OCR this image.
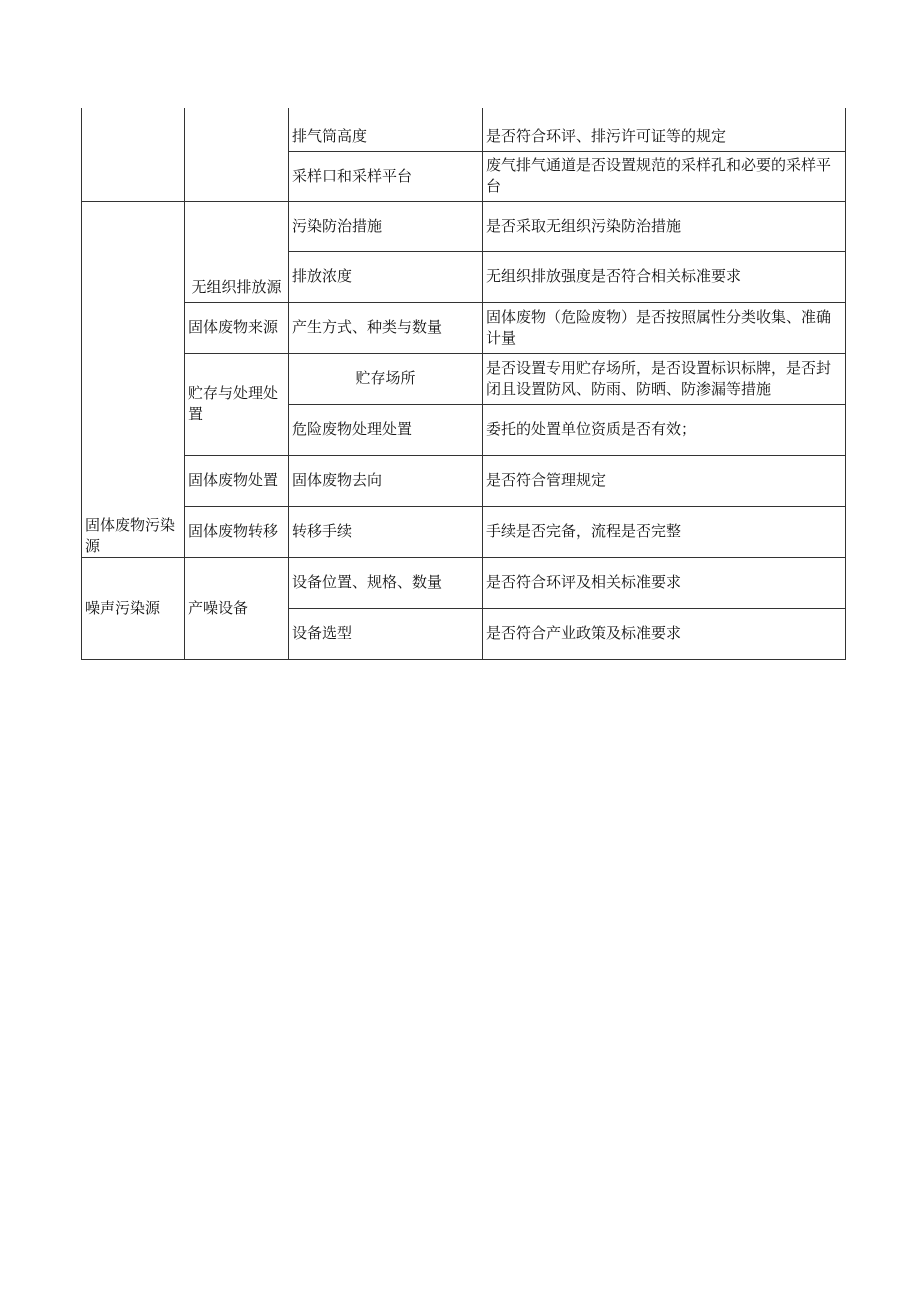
		排气筒高度	是否符合环评、排污许可证等的规定
		采样口和采样平台	废气排气通道是否设置规范的采样孔和必要的采样平台
固体废物污染源	无组织排放源	污染防治措施	是否采取无组织污染防治措施
		排放浓度	无组织排放强度是否符合相关标准要求
	固体废物来源	产生方式、种类与数量	固体废物（危险废物）是否按照属性分类收集、准确计量
	贮存与处理处置	贮存场所	是否设置专用贮存场所，是否设置标识标牌，是否封闭且设置防风、防雨、防晒、防渗漏等措施
		危险废物处理处置	委托的处置单位资质是否有效；
	固体废物处置	固体废物去向	是否符合管理规定
	固体废物转移	转移手续	手续是否完备，流程是否完整
噪声污染源	产噪设备	设备位置、规格、数量	是否符合环评及相关标准要求
		设备选型	是否符合产业政策及标准要求
